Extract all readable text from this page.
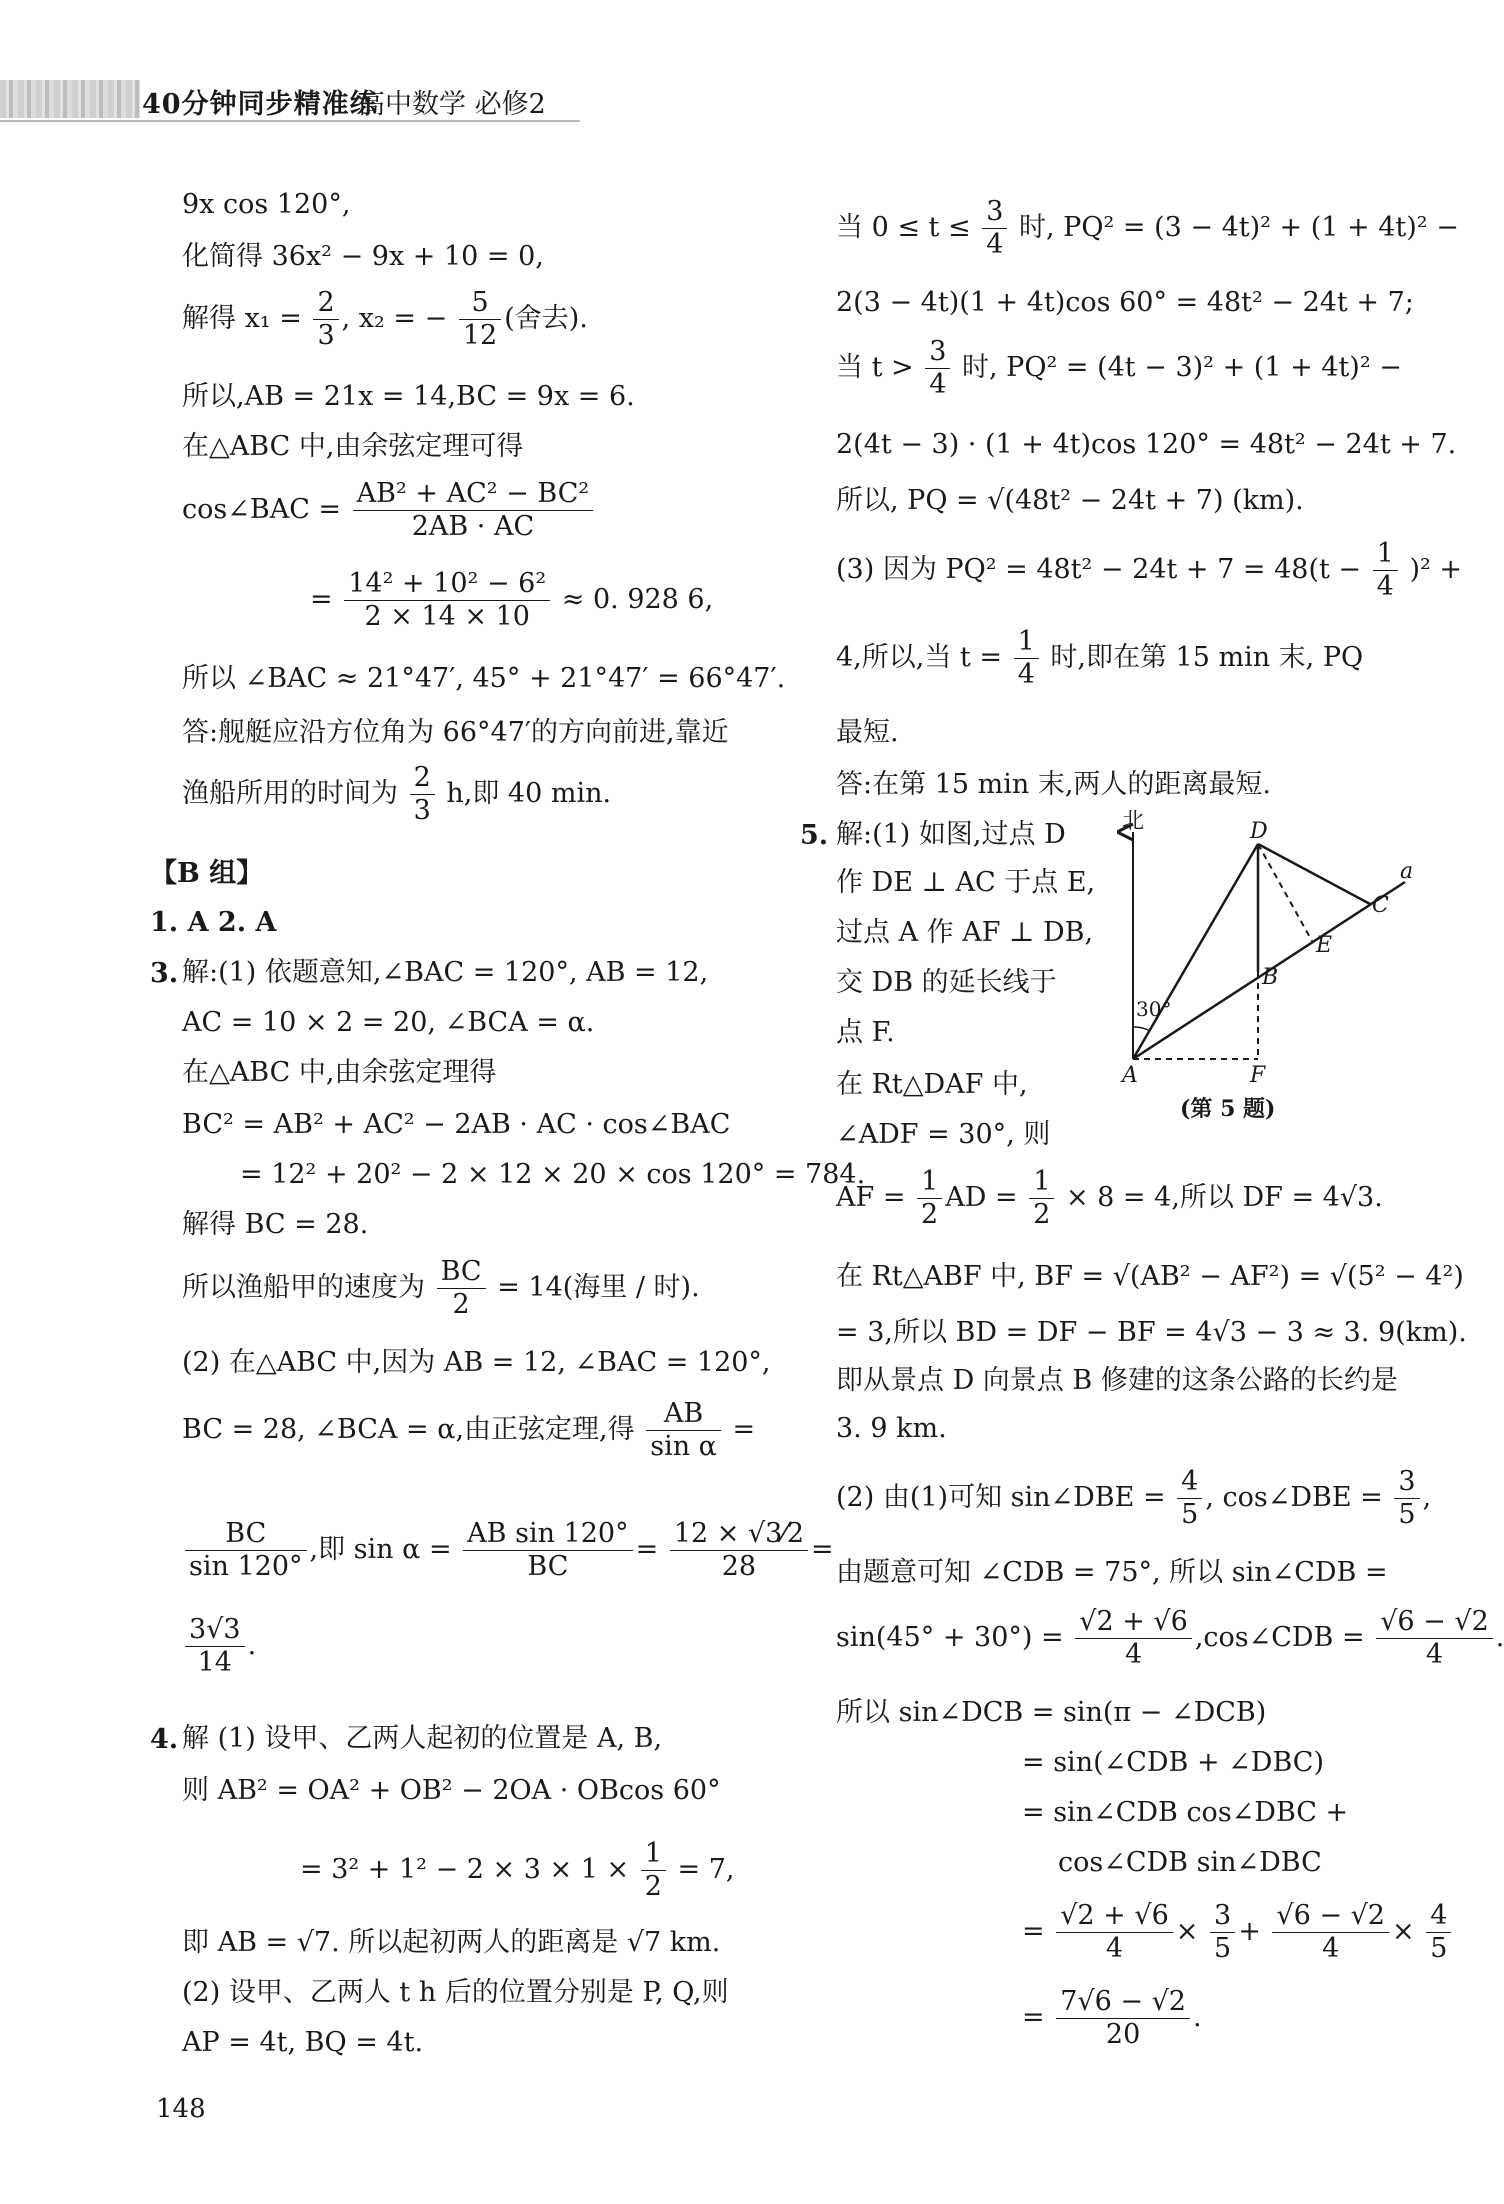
40分钟同步精准练
高中数学 必修2
9x cos 120°,
化简得 36x² − 9x + 10 = 0,
解得 $x_1 = \frac{2}{3}$ , x₂ = − $\frac{5}{12}$ (舍去).
所以,AB = 21x = 14,BC = 9x = 6.
在△ABC 中,由余弦定理可得
cos∠BAC = $\frac{\text{AB² + AC² − BC²}}{2AB \cdot AC}$
= $\frac{\text{14² + 10² − 6²}}{2 \times 14 \times 10} \approx 0$. 928 6,
所以 ∠BAC ≈ 21°47′, 45° + 21°47′ = 66°47′.
答:舰艇应沿方位角为 66°47′的方向前进,靠近
渔船所用的时间为 $\frac{2}{3} h$,即 40 min.
【B 组】
1. A 2. A
3. 解:(1) 依题意知,∠BAC = 120°, AB = 12,
AC = 10 × 2 = 20, ∠BCA = α.
在△ABC 中,由余弦定理得
BC² = AB² + AC² − 2AB · AC · cos∠BAC
= 12² + 20² − 2 × 12 × 20 × cos 120° = 784.
解得 BC = 28.
所以渔船甲的速度为 $\frac{BC}{2} = 14$(海里 / 时).
(2) 在△ABC 中,因为 AB = 12, ∠BAC = 120°,
BC = 28, ∠BCA = α,由正弦定理,得 $\frac{AB}{\text{sin α}}$ =
$\frac{BC}{\sin 120^\circ}$ ,即 $\sin \alpha = \frac{\text{AB sin 120°}}{BC} = \frac{12 \times √3⁄2}{28}$ =
$\frac{3√3}{14}$ .
4. 解 (1) 设甲、乙两人起初的位置是 A, B,
则 AB² = OA² + OB² − 2OA · OBcos 60°
= $3^2 + 1^2 - 2 \times 3 \times 1 \times \frac{1}{2} = 7$,
即 AB = √7. 所以起初两人的距离是 √7 km.
(2) 设甲、乙两人 t h 后的位置分别是 P, Q,则
AP = 4t, BQ = 4t.
148
当 $0 \le t \le \frac{3}{4}$ 时, PQ² = (3 − 4t)² + (1 + 4t)² −
2(3 − 4t)(1 + 4t)cos 60° = 48t² − 24t + 7;
当 $t > \frac{3}{4}$ 时, PQ² = (4t − 3)² + (1 + 4t)² −
2(4t − 3) · (1 + 4t)cos 120° = 48t² − 24t + 7.
所以, PQ = √(48t² − 24t + 7) (km).
(3) 因为 $PQ^2 = 48t^2 - 24t + 7 = 48(t - \frac{1}{4} )^2$ +
4,所以,当 $t = \frac{1}{4}$ 时,即在第 15 min 末, PQ
最短.
答:在第 15 min 末,两人的距离最短.
5. 解:(1) 如图,过点 D
作 DE ⊥ AC 于点 E,
过点 A 作 AF ⊥ DB,
交 DB 的延长线于
点 F.
在 Rt△DAF 中,
∠ADF = 30°, 则
AF = $\frac{1}{2}$ AD = $\frac{1}{2} \times 8 = 4$,所以 DF = 4√3.
在 Rt△ABF 中, BF = √(AB² − AF²) = √(5² − 4²)
= 3,所以 BD = DF − BF = 4√3 − 3 ≈ 3. 9(km).
即从景点 D 向景点 B 修建的这条公路的长约是
3. 9 km.
(2) 由(1)可知 sin∠DBE = $\frac{4}{5}$ , cos∠DBE = $\frac{3}{5}$ ,
由题意可知 ∠CDB = 75°, 所以 sin∠CDB =
$\sin(45^\circ + 30^\circ) = \frac{√2 + √6}{4}$ ,cos∠CDB = $\frac{√6 - √2}{4}$ .
所以 sin∠DCB = sin(π − ∠DCB)
= sin(∠CDB + ∠DBC)
= sin∠CDB cos∠DBC +
cos∠CDB sin∠DBC
= $\frac{√2 + √6}{4} \times \frac{3}{5} + \frac{√6 - √2}{4} \times \frac{4}{5}$
= $\frac{7√6 - √2}{20}$ .
北	D
C
a
E
B
A	F
30°
(第 5 题)
